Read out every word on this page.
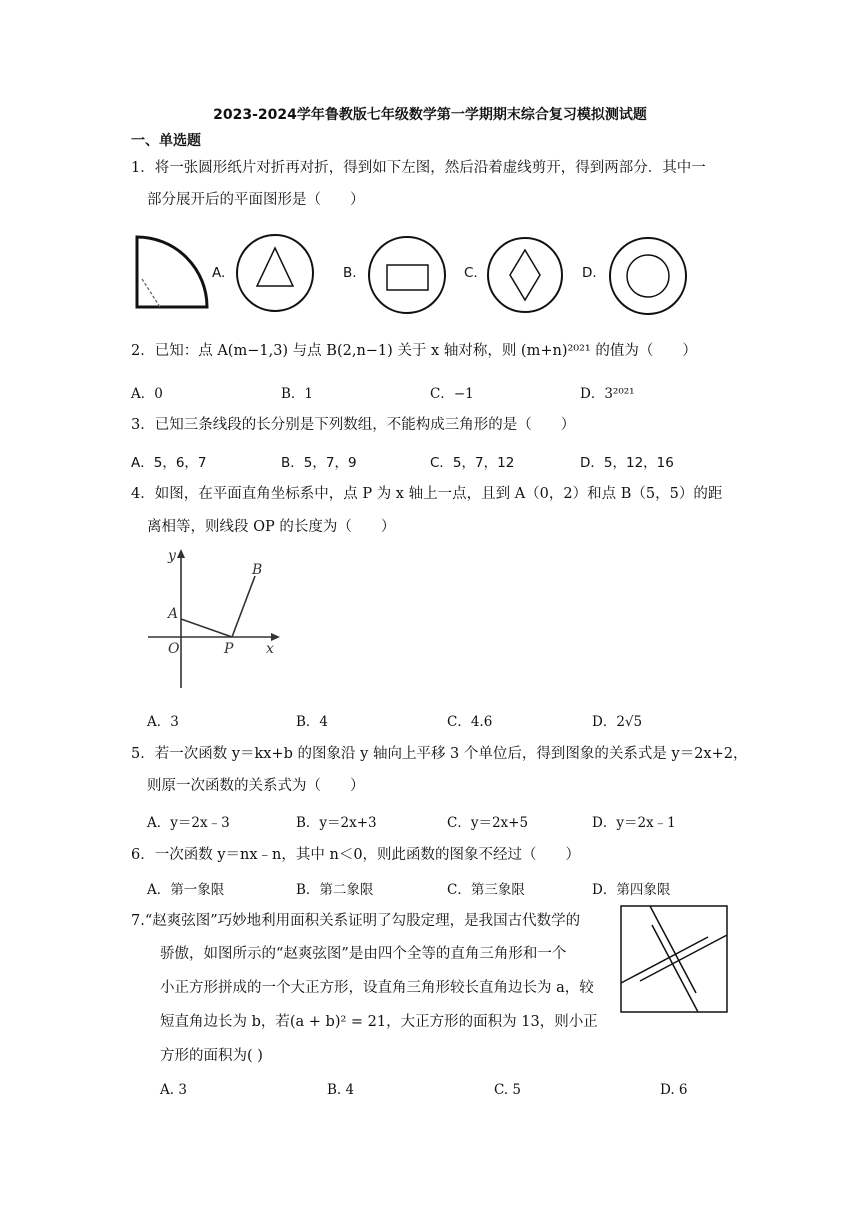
2023-2024学年鲁教版七年级数学第一学期期末综合复习模拟测试题
一、单选题
1．将一张圆形纸片对折再对折，得到如下左图，然后沿着虚线剪开，得到两部分．其中一
部分展开后的平面图形是（　　）
A.	B.	C.	D.
2．已知：点 A(m−1,3) 与点 B(2,n−1) 关于 x 轴对称，则 (m+n)²⁰²¹ 的值为（　　）
A．0	B．1	C．−1	D．3²⁰²¹
3．已知三条线段的长分别是下列数组，不能构成三角形的是（　　）
A．5，6，7	B．5，7，9	C．5，7，12	D．5，12，16
4．如图，在平面直角坐标系中，点 P 为 x 轴上一点，且到 A（0，2）和点 B（5，5）的距
离相等，则线段 OP 的长度为（　　）
y
B
A
O	P x
A．3	B．4	C．4.6	D．2√5
5．若一次函数 y＝kx+b 的图象沿 y 轴向上平移 3 个单位后，得到图象的关系式是 y＝2x+2，
则原一次函数的关系式为（　　）
A．y＝2x﹣3	B．y＝2x+3	C．y＝2x+5	D．y＝2x﹣1
6．一次函数 y＝nx﹣n，其中 n＜0，则此函数的图象不经过（　　）
A．第一象限	B．第二象限	C．第三象限	D．第四象限
7.“赵爽弦图”巧妙地利用面积关系证明了勾股定理，是我国古代数学的
骄傲，如图所示的“赵爽弦图”是由四个全等的直角三角形和一个
小正方形拼成的一个大正方形，设直角三角形较长直角边长为 a，较
短直角边长为 b，若(a + b)² = 21，大正方形的面积为 13，则小正
方形的面积为( )
A. 3	B. 4	C. 5	D. 6
